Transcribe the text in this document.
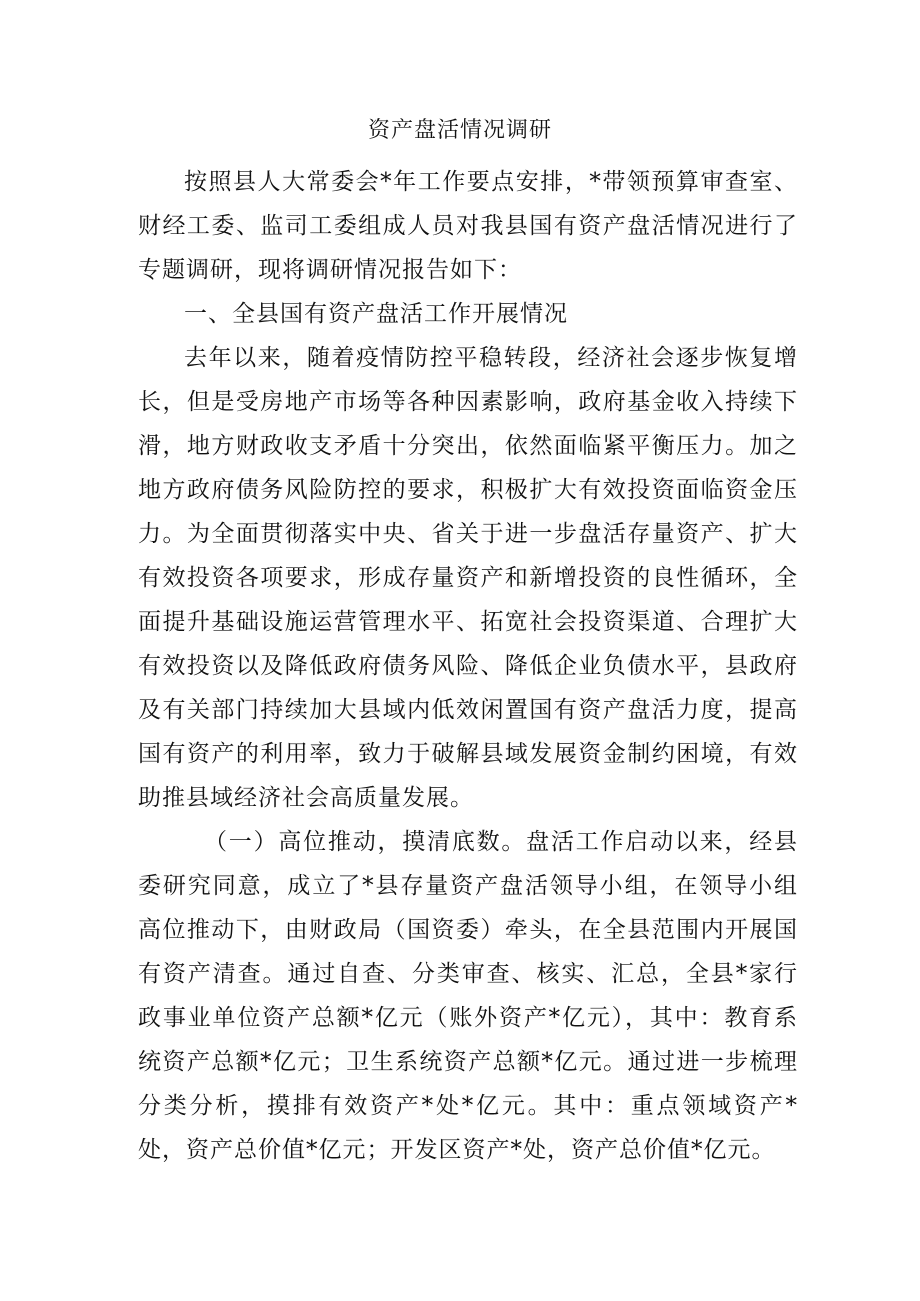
资产盘活情况调研

按照县人大常委会*年工作要点安排，*带领预算审查室、财经工委、监司工委组成人员对我县国有资产盘活情况进行了专题调研，现将调研情况报告如下：

一、全县国有资产盘活工作开展情况

去年以来，随着疫情防控平稳转段，经济社会逐步恢复增长，但是受房地产市场等各种因素影响，政府基金收入持续下滑，地方财政收支矛盾十分突出，依然面临紧平衡压力。加之地方政府债务风险防控的要求，积极扩大有效投资面临资金压力。为全面贯彻落实中央、省关于进一步盘活存量资产、扩大有效投资各项要求，形成存量资产和新增投资的良性循环，全面提升基础设施运营管理水平、拓宽社会投资渠道、合理扩大有效投资以及降低政府债务风险、降低企业负债水平，县政府及有关部门持续加大县域内低效闲置国有资产盘活力度，提高国有资产的利用率，致力于破解县域发展资金制约困境，有效助推县域经济社会高质量发展。

（一）高位推动，摸清底数。盘活工作启动以来，经县委研究同意，成立了*县存量资产盘活领导小组，在领导小组高位推动下，由财政局（国资委）牵头，在全县范围内开展国有资产清查。通过自查、分类审查、核实、汇总，全县*家行政事业单位资产总额*亿元（账外资产*亿元），其中：教育系统资产总额*亿元；卫生系统资产总额*亿元。通过进一步梳理分类分析，摸排有效资产*处*亿元。其中：重点领域资产*处，资产总价值*亿元；开发区资产*处，资产总价值*亿元。
